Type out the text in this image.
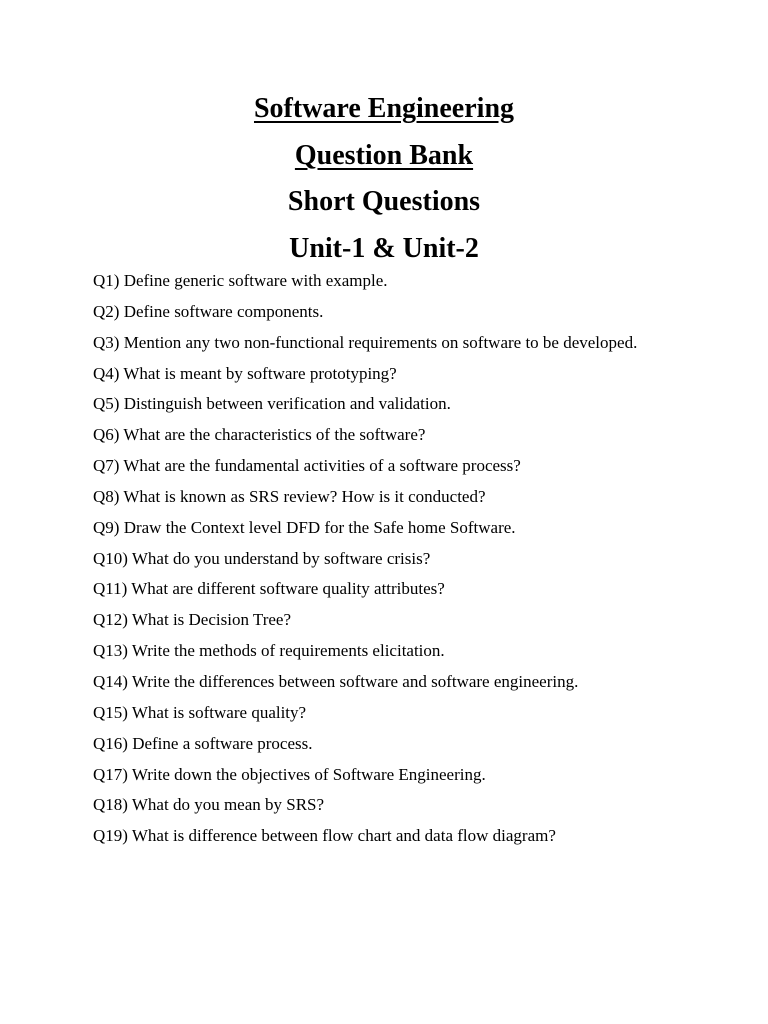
Software Engineering
Question Bank
Short Questions
Unit-1 & Unit-2
Q1) Define generic software with example.
Q2) Define software components.
Q3) Mention any two non-functional requirements on software to be developed.
Q4) What is meant by software prototyping?
Q5) Distinguish between verification and validation.
Q6) What are the characteristics of the software?
Q7) What are the fundamental activities of a software process?
Q8) What is known as SRS review? How is it conducted?
Q9) Draw the Context level DFD for the Safe home Software.
Q10) What do you understand by software crisis?
Q11) What are different software quality attributes?
Q12) What is Decision Tree?
Q13) Write the methods of requirements elicitation.
Q14) Write the differences between software and software engineering.
Q15) What is software quality?
Q16) Define a software process.
Q17) Write down the objectives of Software Engineering.
Q18) What do you mean by SRS?
Q19) What is difference between flow chart and data flow diagram?
